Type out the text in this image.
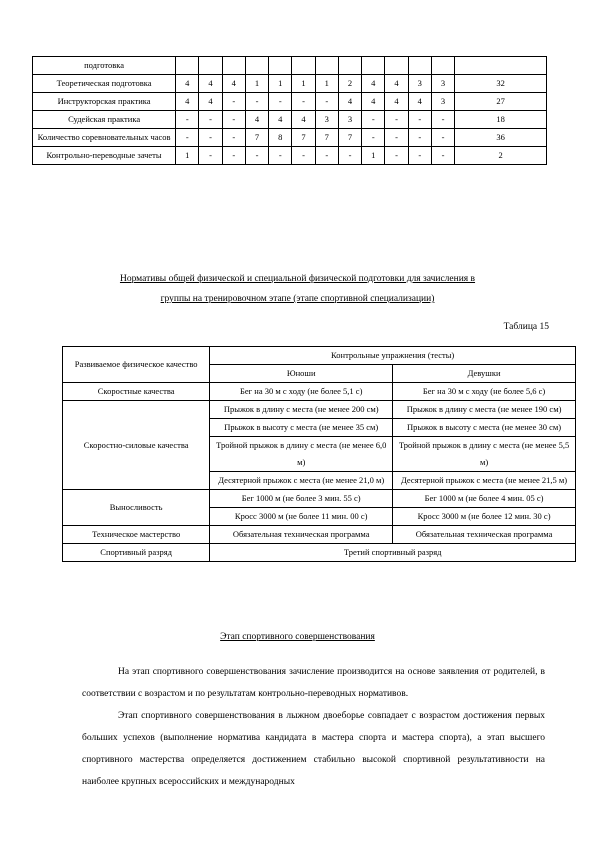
подготовка													
Теоретическая подготовка	4	4	4	1	1	1	1	2	4	4	3	3	32
Инструкторская практика	4	4	-	-	-	-	-	4	4	4	4	3	27
Судейская практика	-	-	-	4	4	4	3	3	-	-	-	-	18
Количество соревновательных часов	-	-	-	7	8	7	7	7	-	-	-	-	36
Контрольно-переводные зачеты	1	-	-	-	-	-	-	-	1	-	-	-	2
Нормативы общей физической и специальной физической подготовки для зачисления в
группы на тренировочном этапе (этапе спортивной специализации)
Таблица 15
Развиваемое физическое качество	Контрольные упражнения (тесты)	
	Юноши	Девушки
Скоростные качества	Бег на 30 м с ходу (не более 5,1 с)	Бег на 30 м с ходу (не более 5,6 с)
Скоростно-силовые качества	Прыжок в длину с места (не менее 200 см)	Прыжок в длину с места (не менее 190 см)
	Прыжок в высоту с места (не менее 35 см)	Прыжок в высоту с места (не менее 30 см)
	Тройной прыжок в длину с места (не менее 6,0 м)	Тройной прыжок в длину с места (не менее 5,5 м)
	Десятерной прыжок с места (не менее 21,0 м)	Десятерной прыжок с места (не менее 21,5 м)
Выносливость	Бег 1000 м (не более 3 мин. 55 с)	Бег 1000 м (не более 4 мин. 05 с)
	Кросс 3000 м (не более 11 мин. 00 с)	Кросс 3000 м (не более 12 мин. 30 с)
Техническое мастерство	Обязательная техническая программа	Обязательная техническая программа
Спортивный разряд	Третий спортивный разряд	
Этап спортивного совершенствования
На этап спортивного совершенствования зачисление производится на основе заявления от родителей, в соответствии с возрастом и по результатам контрольно-переводных нормативов.
Этап спортивного совершенствования в лыжном двоеборье совпадает с возрастом достижения первых больших успехов (выполнение норматива кандидата в мастера спорта и мастера спорта), а этап высшего спортивного мастерства определяется достижением стабильно высокой спортивной результативности на наиболее крупных всероссийских и международных
